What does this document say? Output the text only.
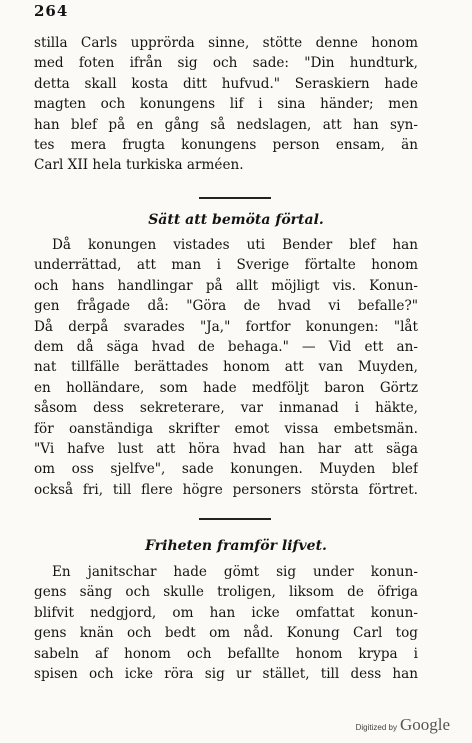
264
stilla Carls upprörda sinne, stötte denne honom
med foten ifrån sig och sade: "Din hundturk,
detta skall kosta ditt hufvud." Seraskiern hade
magten och konungens lif i sina händer; men
han blef på en gång så nedslagen, att han syn-
tes mera frugta konungens person ensam, än
Carl XII hela turkiska arméen.
Sätt att bemöta förtal.
Då konungen vistades uti Bender blef han
underrättad, att man i Sverige förtalte honom
och hans handlingar på allt möjligt vis. Konun-
gen frågade då: "Göra de hvad vi befalle?"
Då derpå svarades "Ja," fortfor konungen: "låt
dem då säga hvad de behaga." — Vid ett an-
nat tillfälle berättades honom att van Muyden,
en holländare, som hade medföljt baron Görtz
såsom dess sekreterare, var inmanad i häkte,
för oanständiga skrifter emot vissa embetsmän.
"Vi hafve lust att höra hvad han har att säga
om oss sjelfve", sade konungen. Muyden blef
också fri, till flere högre personers största förtret.
Friheten framför lifvet.
En janitschar hade gömt sig under konun-
gens säng och skulle troligen, liksom de öfriga
blifvit nedgjord, om han icke omfattat konun-
gens knän och bedt om nåd. Konung Carl tog
sabeln af honom och befallte honom krypa i
spisen och icke röra sig ur stället, till dess han
Digitized by Google
